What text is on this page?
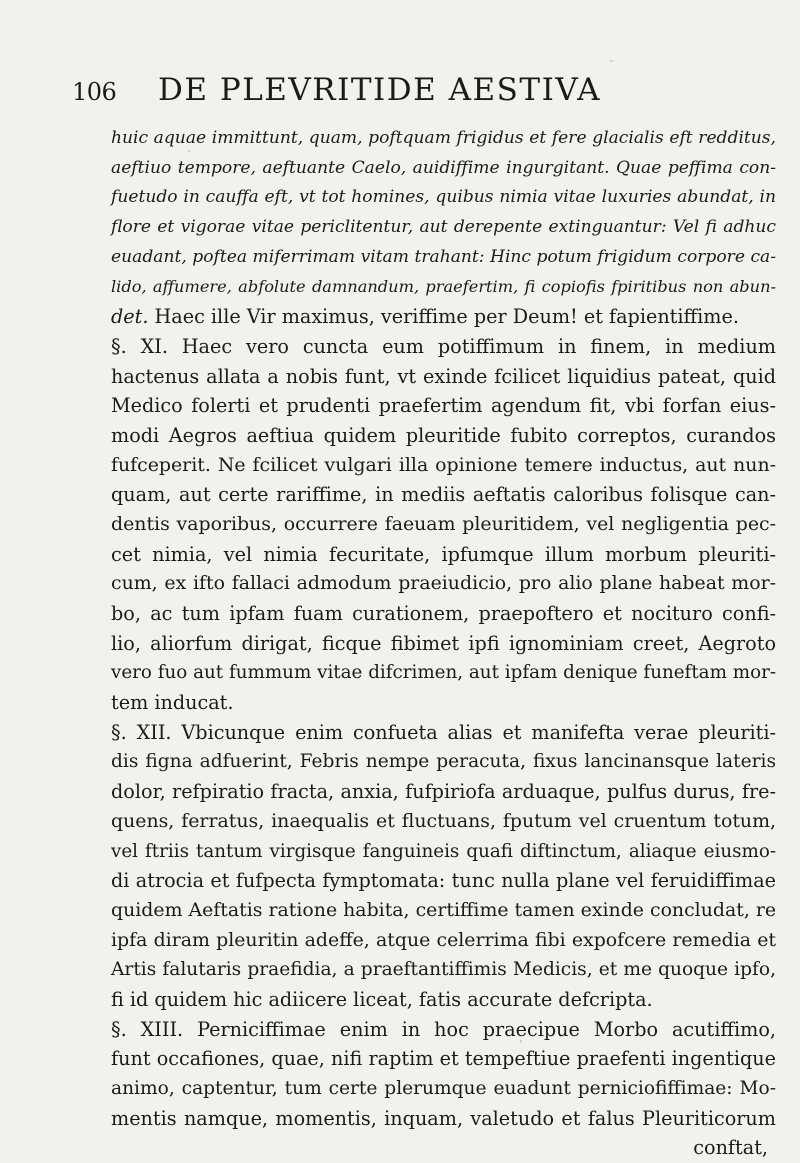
106 DE PLEVRITIDE AESTIVA
huic aquae immittunt, quam, poftquam frigidus et fere glacialis eft redditus,
aeftiuo tempore, aeftuante Caelo, auidiffime ingurgitant. Quae peffima con-
fuetudo in cauffa eft, vt tot homines, quibus nimia vitae luxuries abundat, in
flore et vigorae vitae periclitentur, aut derepente extinguantur: Vel fi adhuc
euadant, poftea miferrimam vitam trahant: Hinc potum frigidum corpore ca-
lido, affumere, abfolute damnandum, praefertim, fi copiofis fpiritibus non abun-
det. Haec ille Vir maximus, veriffime per Deum! et fapientiffime.
§. XI. Haec vero cuncta eum potiffimum in finem, in medium
hactenus allata a nobis funt, vt exinde fcilicet liquidius pateat, quid
Medico folerti et prudenti praefertim agendum fit, vbi forfan eius-
modi Aegros aeftiua quidem pleuritide fubito correptos, curandos
fufceperit. Ne fcilicet vulgari illa opinione temere inductus, aut nun-
quam, aut certe rariffime, in mediis aeftatis caloribus folisque can-
dentis vaporibus, occurrere faeuam pleuritidem, vel negligentia pec-
cet nimia, vel nimia fecuritate, ipfumque illum morbum pleuriti-
cum, ex ifto fallaci admodum praeiudicio, pro alio plane habeat mor-
bo, ac tum ipfam fuam curationem, praepoftero et nocituro confi-
lio, aliorfum dirigat, ficque fibimet ipfi ignominiam creet, Aegroto
vero fuo aut fummum vitae difcrimen, aut ipfam denique funeftam mor-
tem inducat.
§. XII. Vbicunque enim confueta alias et manifefta verae pleuriti-
dis figna adfuerint, Febris nempe peracuta, fixus lancinansque lateris
dolor, refpiratio fracta, anxia, fufpiriofa arduaque, pulfus durus, fre-
quens, ferratus, inaequalis et fluctuans, fputum vel cruentum totum,
vel ftriis tantum virgisque fanguineis quafi diftinctum, aliaque eiusmo-
di atrocia et fufpecta fymptomata: tunc nulla plane vel feruidiffimae
quidem Aeftatis ratione habita, certiffime tamen exinde concludat, re
ipfa diram pleuritin adeffe, atque celerrima fibi expofcere remedia et
Artis falutaris praefidia, a praeftantiffimis Medicis, et me quoque ipfo,
fi id quidem hic adiicere liceat, fatis accurate defcripta.
§. XIII. Perniciffimae enim in hoc praecipue Morbo acutiffimo,
funt occafiones, quae, nifi raptim et tempeftiue praefenti ingentique
animo, captentur, tum certe plerumque euadunt perniciofiffimae: Mo-
mentis namque, momentis, inquam, valetudo et falus Pleuriticorum
conftat,
